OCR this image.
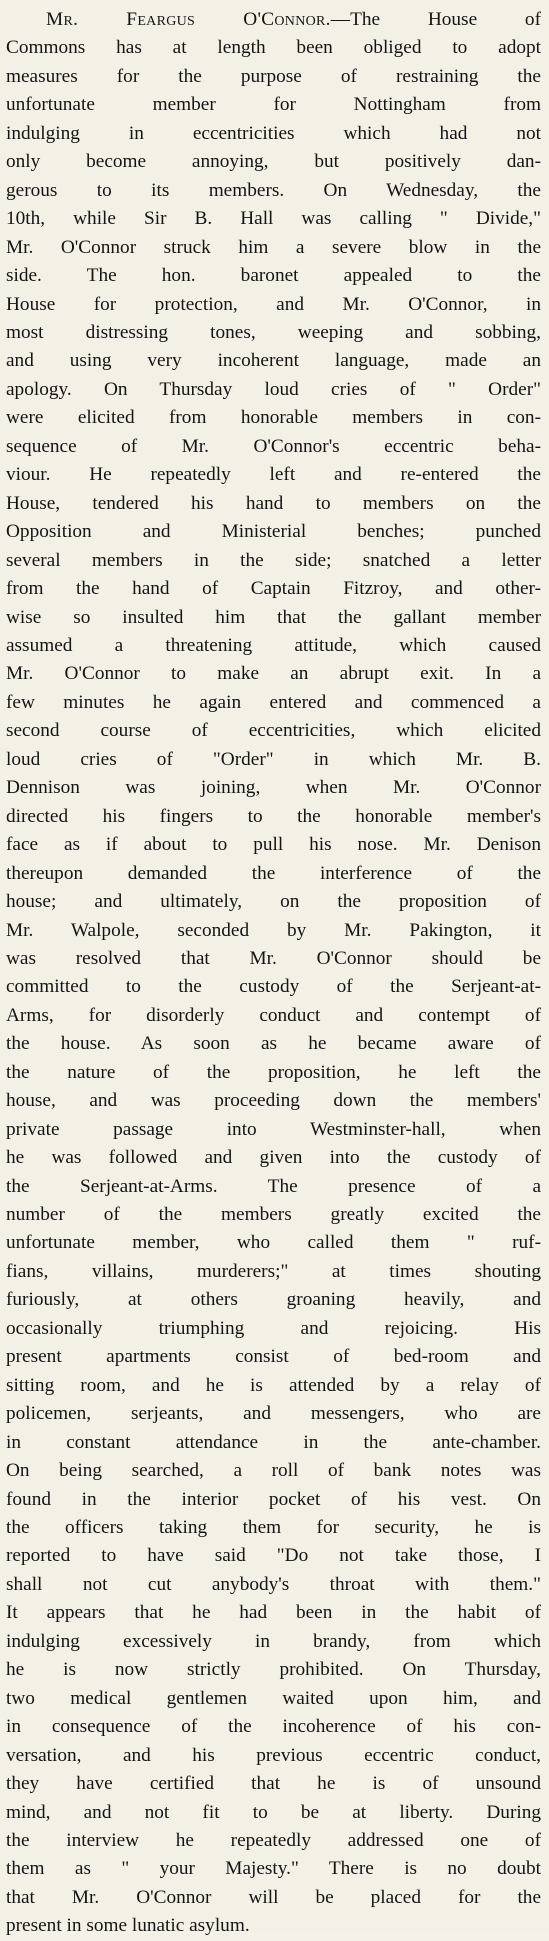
Mr. Feargus O'Connor.—The House of
Commons has at length been obliged to adopt
measures for the purpose of restraining the
unfortunate member for Nottingham from
indulging in eccentricities which had not
only become annoying, but positively dan-
gerous to its members. On Wednesday, the
10th, while Sir B. Hall was calling " Divide,"
Mr. O'Connor struck him a severe blow in the
side. The hon. baronet appealed to the
House for protection, and Mr. O'Connor, in
most distressing tones, weeping and sobbing,
and using very incoherent language, made an
apology. On Thursday loud cries of " Order"
were elicited from honorable members in con-
sequence of Mr. O'Connor's eccentric beha-
viour. He repeatedly left and re-entered the
House, tendered his hand to members on the
Opposition and Ministerial benches; punched
several members in the side; snatched a letter
from the hand of Captain Fitzroy, and other-
wise so insulted him that the gallant member
assumed a threatening attitude, which caused
Mr. O'Connor to make an abrupt exit. In a
few minutes he again entered and commenced a
second course of eccentricities, which elicited
loud cries of "Order" in which Mr. B.
Dennison was joining, when Mr. O'Connor
directed his fingers to the honorable member's
face as if about to pull his nose. Mr. Denison
thereupon demanded the interference of the
house; and ultimately, on the proposition of
Mr. Walpole, seconded by Mr. Pakington, it
was resolved that Mr. O'Connor should be
committed to the custody of the Serjeant-at-
Arms, for disorderly conduct and contempt of
the house. As soon as he became aware of
the nature of the proposition, he left the
house, and was proceeding down the members'
private passage into Westminster-hall, when
he was followed and given into the custody of
the Serjeant-at-Arms. The presence of a
number of the members greatly excited the
unfortunate member, who called them " ruf-
fians, villains, murderers;" at times shouting
furiously, at others groaning heavily, and
occasionally triumphing and rejoicing. His
present apartments consist of bed-room and
sitting room, and he is attended by a relay of
policemen, serjeants, and messengers, who are
in constant attendance in the ante-chamber.
On being searched, a roll of bank notes was
found in the interior pocket of his vest. On
the officers taking them for security, he is
reported to have said "Do not take those, I
shall not cut anybody's throat with them."
It appears that he had been in the habit of
indulging excessively in brandy, from which
he is now strictly prohibited. On Thursday,
two medical gentlemen waited upon him, and
in consequence of the incoherence of his con-
versation, and his previous eccentric conduct,
they have certified that he is of unsound
mind, and not fit to be at liberty. During
the interview he repeatedly addressed one of
them as " your Majesty." There is no doubt
that Mr. O'Connor will be placed for the
present in some lunatic asylum.
